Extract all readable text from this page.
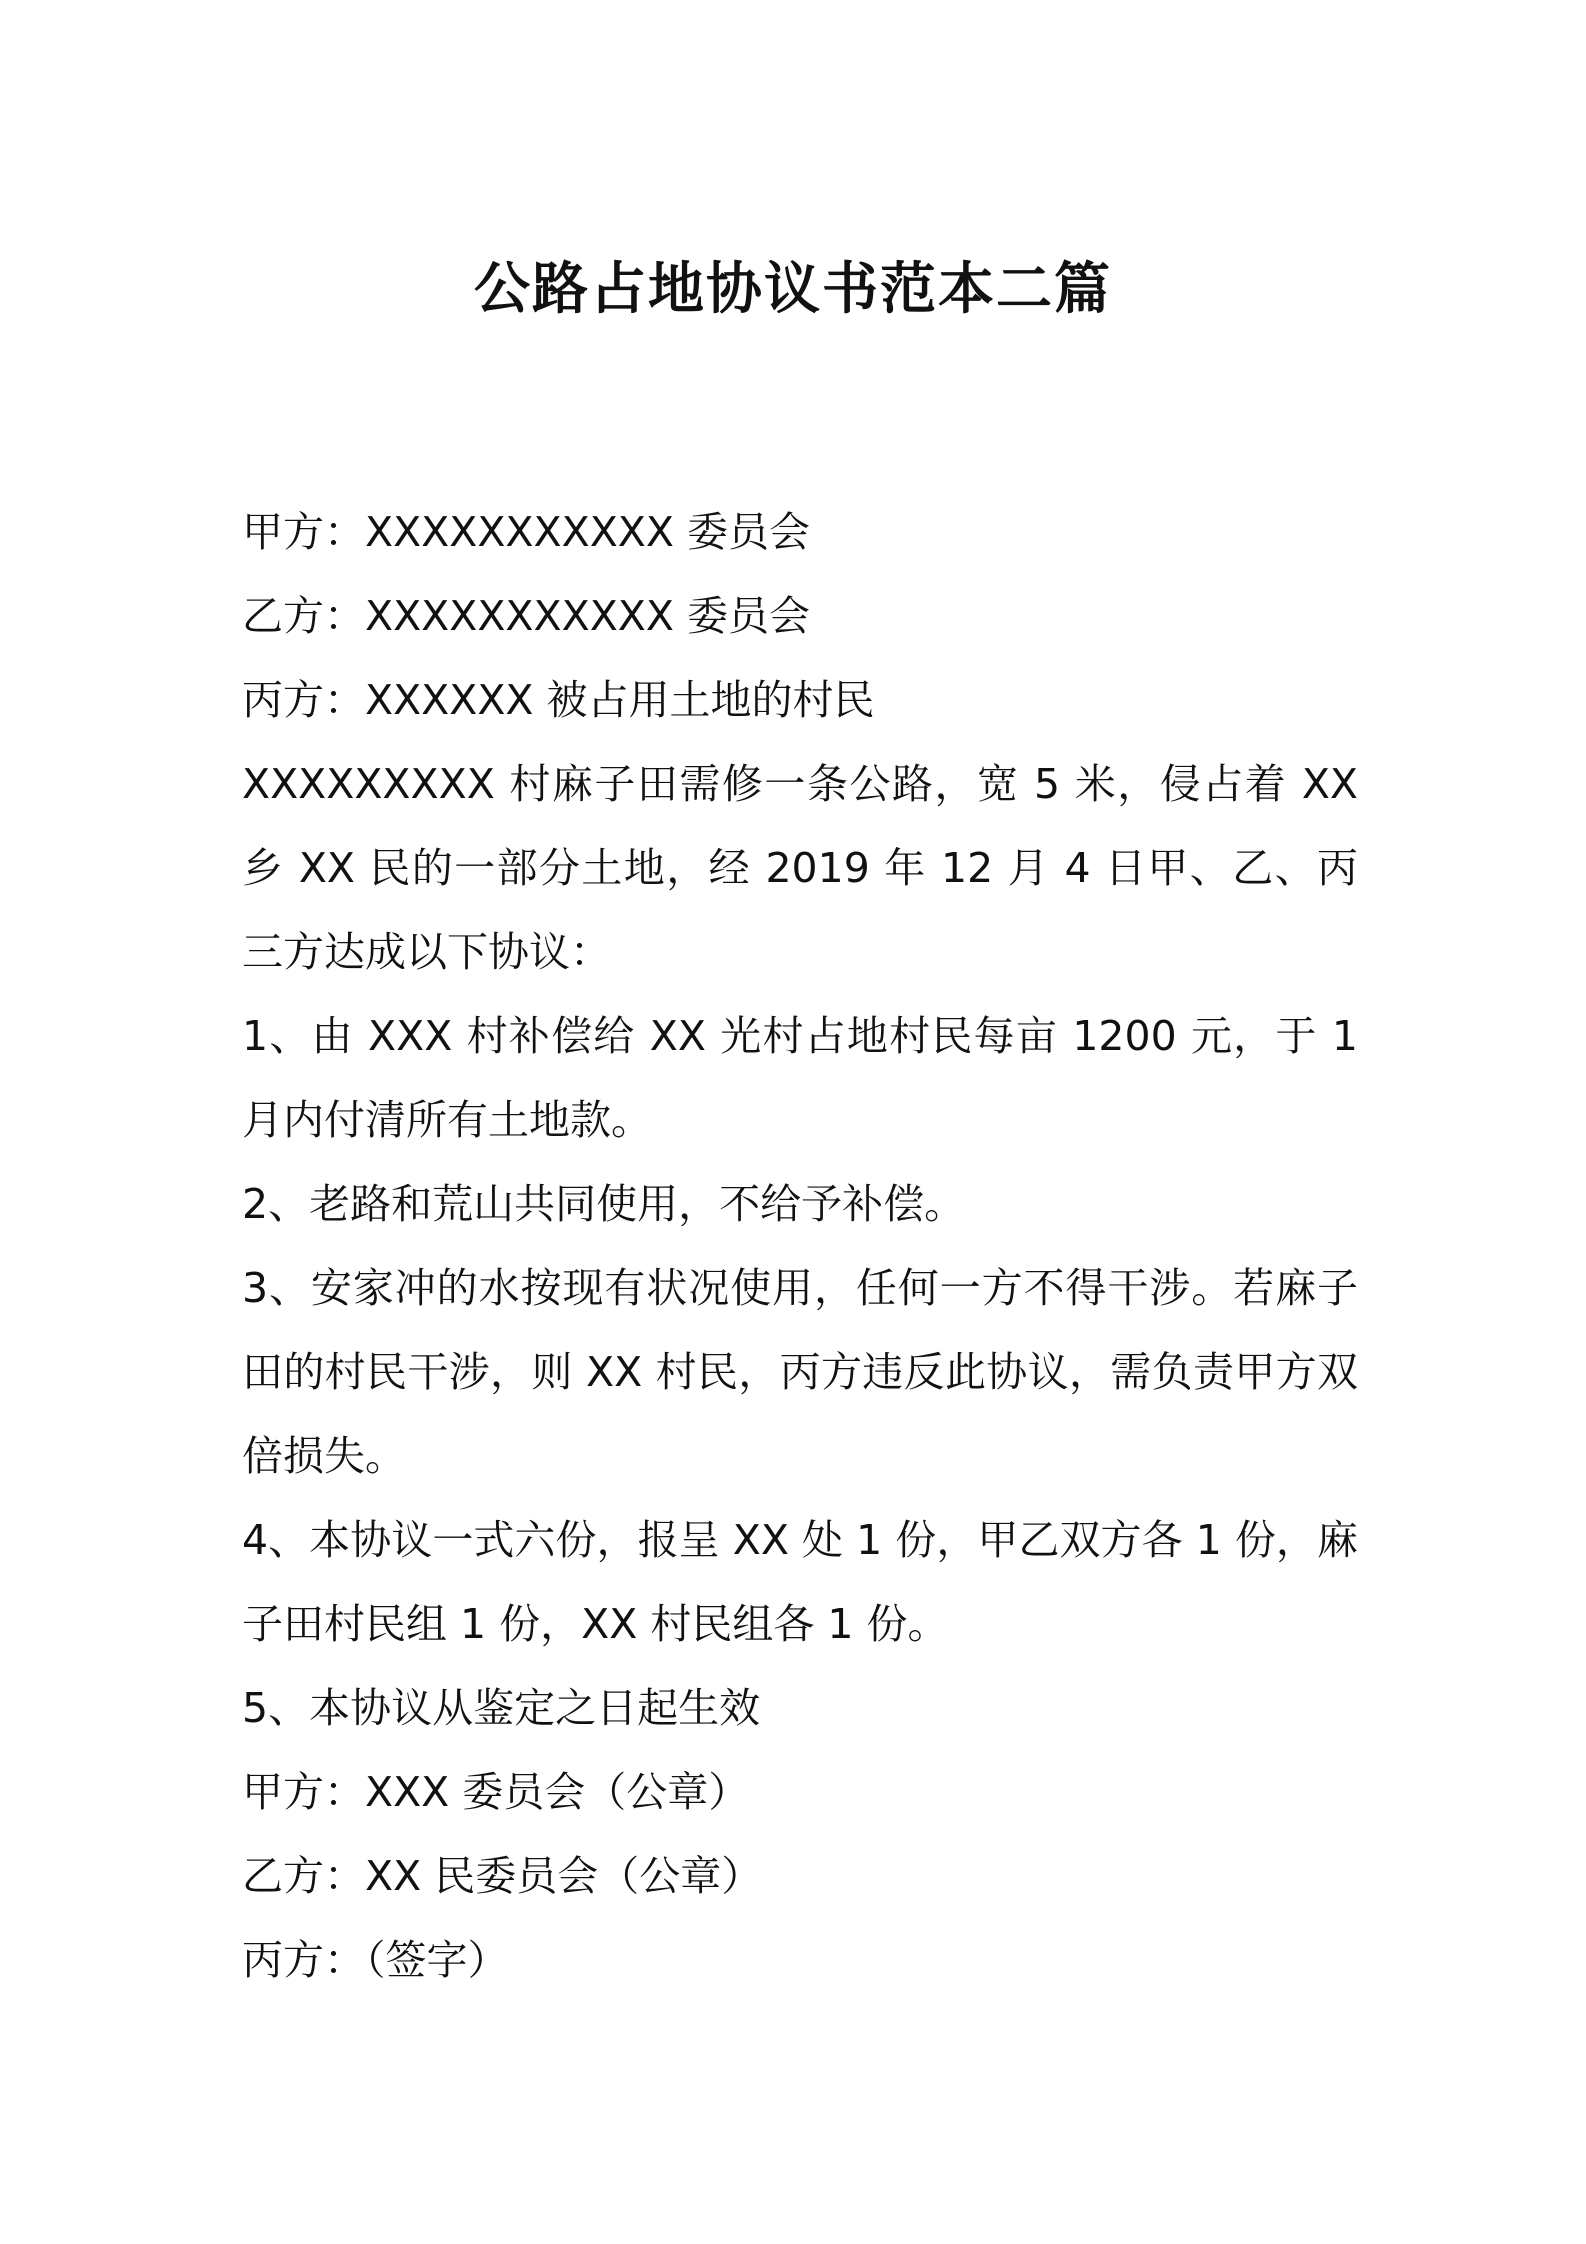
公路占地协议书范本二篇

甲方：XXXXXXXXXXX 委员会

乙方：XXXXXXXXXXX 委员会

丙方：XXXXXX 被占用土地的村民

XXXXXXXXX 村麻子田需修一条公路，宽 5 米，侵占着 XX 乡 XX 民的一部分土地，经 2019 年 12 月 4 日甲、乙、丙三方达成以下协议：

1、由 XXX 村补偿给 XX 光村占地村民每亩 1200 元，于 1 月内付清所有土地款。

2、老路和荒山共同使用，不给予补偿。

3、安家冲的水按现有状况使用，任何一方不得干涉。若麻子田的村民干涉，则 XX 村民，丙方违反此协议，需负责甲方双倍损失。

4、本协议一式六份，报呈 XX 处 1 份，甲乙双方各 1 份，麻子田村民组 1 份，XX 村民组各 1 份。

5、本协议从鉴定之日起生效

甲方：XXX 委员会（公章）

乙方：XX 民委员会（公章）

丙方：（签字）
